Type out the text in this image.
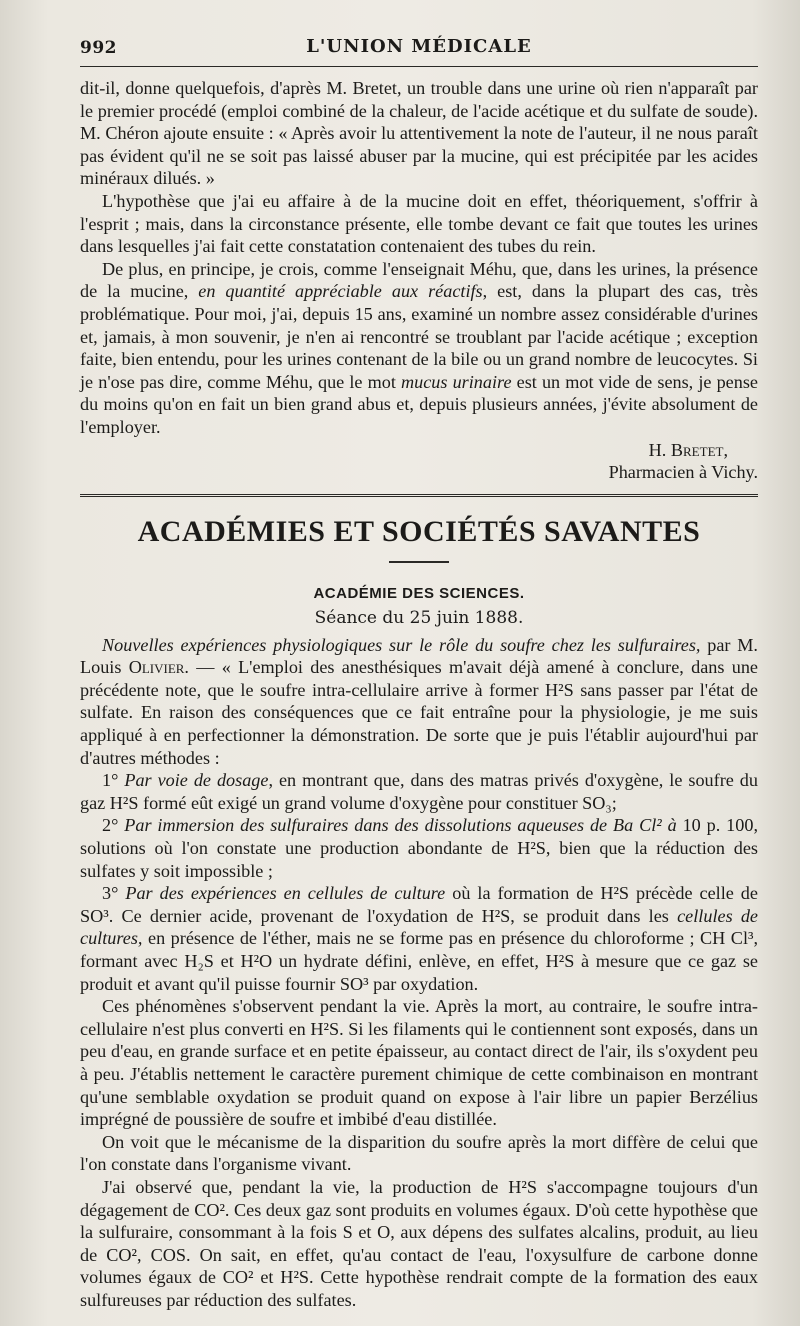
992	L'UNION MÉDICALE

dit-il, donne quelquefois, d'après M. Bretet, un trouble dans une urine où rien n'apparaît par le premier procédé (emploi combiné de la chaleur, de l'acide acétique et du sulfate de soude). M. Chéron ajoute ensuite : « Après avoir lu attentivement la note de l'auteur, il ne nous paraît pas évident qu'il ne se soit pas laissé abuser par la mucine, qui est précipitée par les acides minéraux dilués. »

L'hypothèse que j'ai eu affaire à de la mucine doit en effet, théoriquement, s'offrir à l'esprit ; mais, dans la circonstance présente, elle tombe devant ce fait que toutes les urines dans lesquelles j'ai fait cette constatation contenaient des tubes du rein.

De plus, en principe, je crois, comme l'enseignait Méhu, que, dans les urines, la présence de la mucine, en quantité appréciable aux réactifs, est, dans la plupart des cas, très problématique. Pour moi, j'ai, depuis 15 ans, examiné un nombre assez considérable d'urines et, jamais, à mon souvenir, je n'en ai rencontré se troublant par l'acide acétique ; exception faite, bien entendu, pour les urines contenant de la bile ou un grand nombre de leucocytes. Si je n'ose pas dire, comme Méhu, que le mot mucus urinaire est un mot vide de sens, je pense du moins qu'on en fait un bien grand abus et, depuis plusieurs années, j'évite absolument de l'employer.

H. Bretet,
Pharmacien à Vichy.
ACADÉMIES ET SOCIÉTÉS SAVANTES
ACADÉMIE DES SCIENCES.
Séance du 25 juin 1888.

Nouvelles expériences physiologiques sur le rôle du soufre chez les sulfuraires, par M. Louis Olivier. — « L'emploi des anesthésiques m'avait déjà amené à conclure, dans une précédente note, que le soufre intra-cellulaire arrive à former H²S sans passer par l'état de sulfate. En raison des conséquences que ce fait entraîne pour la physiologie, je me suis appliqué à en perfectionner la démonstration. De sorte que je puis l'établir aujourd'hui par d'autres méthodes :

1° Par voie de dosage, en montrant que, dans des matras privés d'oxygène, le soufre du gaz H²S formé eût exigé un grand volume d'oxygène pour constituer SO₃;

2° Par immersion des sulfuraires dans des dissolutions aqueuses de Ba Cl² à 10 p. 100, solutions où l'on constate une production abondante de H²S, bien que la réduction des sulfates y soit impossible ;

3° Par des expériences en cellules de culture où la formation de H²S précède celle de SO³. Ce dernier acide, provenant de l'oxydation de H²S, se produit dans les cellules de cultures, en présence de l'éther, mais ne se forme pas en présence du chloroforme ; CH Cl³, formant avec H₂S et H²O un hydrate défini, enlève, en effet, H²S à mesure que ce gaz se produit et avant qu'il puisse fournir SO³ par oxydation.

Ces phénomènes s'observent pendant la vie. Après la mort, au contraire, le soufre intra-cellulaire n'est plus converti en H²S. Si les filaments qui le contiennent sont exposés, dans un peu d'eau, en grande surface et en petite épaisseur, au contact direct de l'air, ils s'oxydent peu à peu. J'établis nettement le caractère purement chimique de cette combinaison en montrant qu'une semblable oxydation se produit quand on expose à l'air libre un papier Berzélius imprégné de poussière de soufre et imbibé d'eau distillée.

On voit que le mécanisme de la disparition du soufre après la mort diffère de celui que l'on constate dans l'organisme vivant.

J'ai observé que, pendant la vie, la production de H²S s'accompagne toujours d'un dégagement de CO². Ces deux gaz sont produits en volumes égaux. D'où cette hypothèse que la sulfuraire, consommant à la fois S et O, aux dépens des sulfates alcalins, produit, au lieu de CO², COS. On sait, en effet, qu'au contact de l'eau, l'oxysulfure de carbone donne volumes égaux de CO² et H²S. Cette hypothèse rendrait compte de la formation des eaux sulfureuses par réduction des sulfates.
